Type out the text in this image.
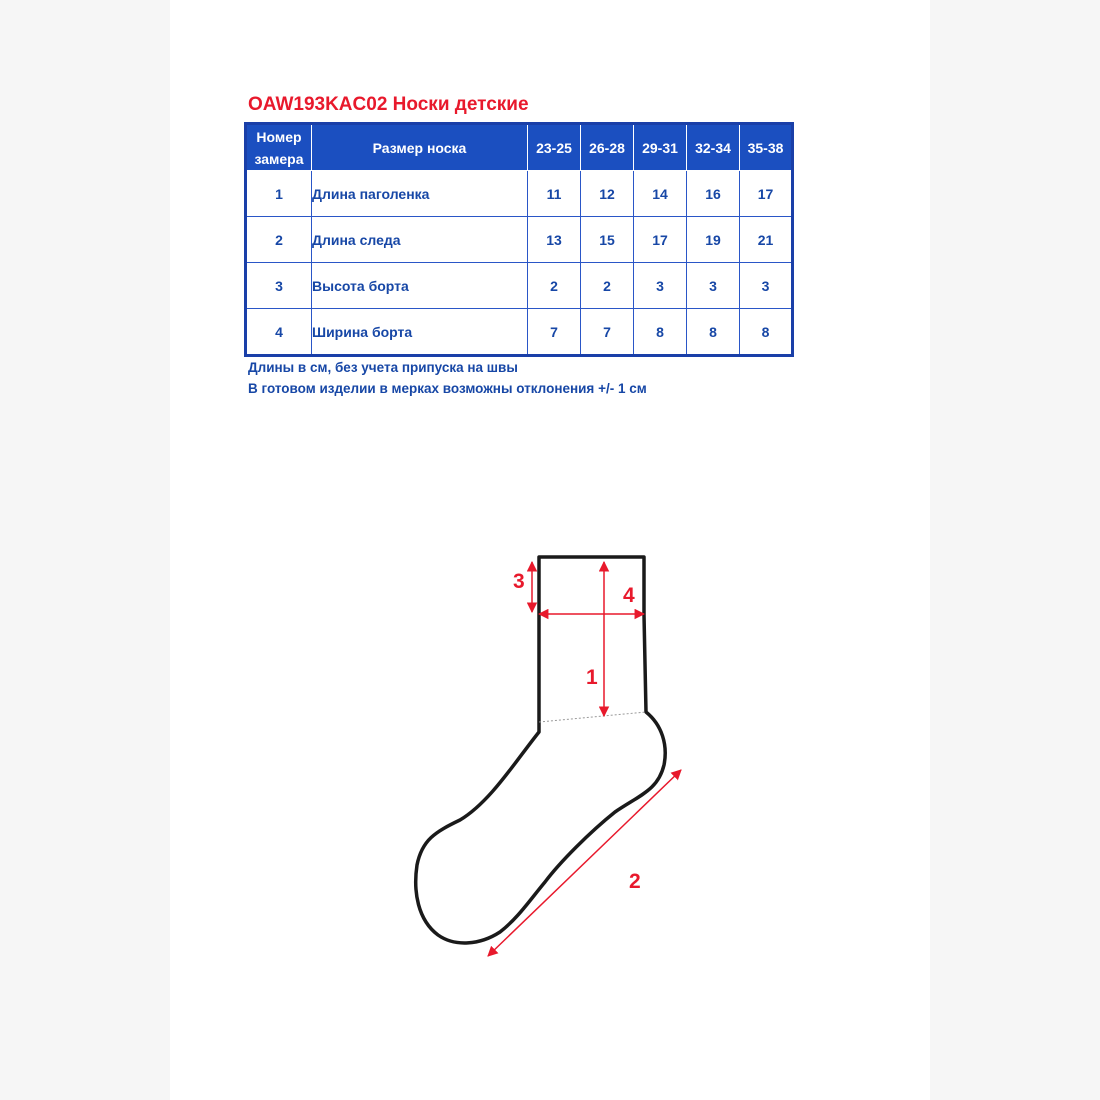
OAW193KAC02 Носки детские
Номер
замера	Размер носка	23-25	26-28	29-31	32-34	35-38
1	Длина паголенка	11	12	14	16	17
2	Длина следа	13	15	17	19	21
3	Высота борта	2	2	3	3	3
4	Ширина борта	7	7	8	8	8
Длины в см, без учета припуска на швы
В готовом изделии в мерках возможны отклонения +/- 1 см
1
2
3
4
